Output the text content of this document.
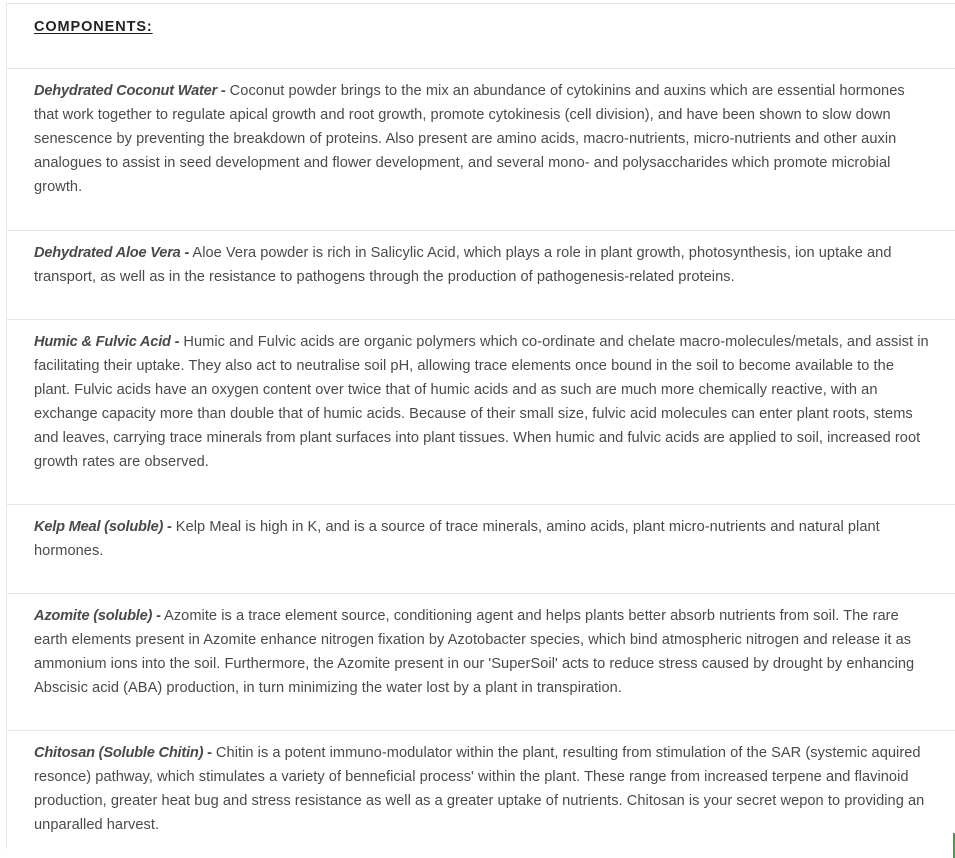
COMPONENTS:

Dehydrated Coconut Water - Coconut powder brings to the mix an abundance of cytokinins and auxins which are essential hormones that work together to regulate apical growth and root growth, promote cytokinesis (cell division), and have been shown to slow down senescence by preventing the breakdown of proteins. Also present are amino acids, macro-nutrients, micro-nutrients and other auxin analogues to assist in seed development and flower development, and several mono- and polysaccharides which promote microbial growth.

Dehydrated Aloe Vera - Aloe Vera powder is rich in Salicylic Acid, which plays a role in plant growth, photosynthesis, ion uptake and transport, as well as in the resistance to pathogens through the production of pathogenesis-related proteins.

Humic & Fulvic Acid - Humic and Fulvic acids are organic polymers which co-ordinate and chelate macro-molecules/metals, and assist in facilitating their uptake. They also act to neutralise soil pH, allowing trace elements once bound in the soil to become available to the plant. Fulvic acids have an oxygen content over twice that of humic acids and as such are much more chemically reactive, with an exchange capacity more than double that of humic acids. Because of their small size, fulvic acid molecules can enter plant roots, stems and leaves, carrying trace minerals from plant surfaces into plant tissues. When humic and fulvic acids are applied to soil, increased root growth rates are observed.

Kelp Meal (soluble) - Kelp Meal is high in K, and is a source of trace minerals, amino acids, plant micro-nutrients and natural plant hormones.

Azomite (soluble) - Azomite is a trace element source, conditioning agent and helps plants better absorb nutrients from soil. The rare earth elements present in Azomite enhance nitrogen fixation by Azotobacter species, which bind atmospheric nitrogen and release it as ammonium ions into the soil. Furthermore, the Azomite present in our 'SuperSoil' acts to reduce stress caused by drought by enhancing Abscisic acid (ABA) production, in turn minimizing the water lost by a plant in transpiration.

Chitosan (Soluble Chitin) - Chitin is a potent immuno-modulator within the plant, resulting from stimulation of the SAR (systemic aquired resonce) pathway, which stimulates a variety of benneficial process' within the plant. These range from increased terpene and flavinoid production, greater heat bug and stress resistance as well as a greater uptake of nutrients. Chitosan is your secret wepon to providing an unparalled harvest.
